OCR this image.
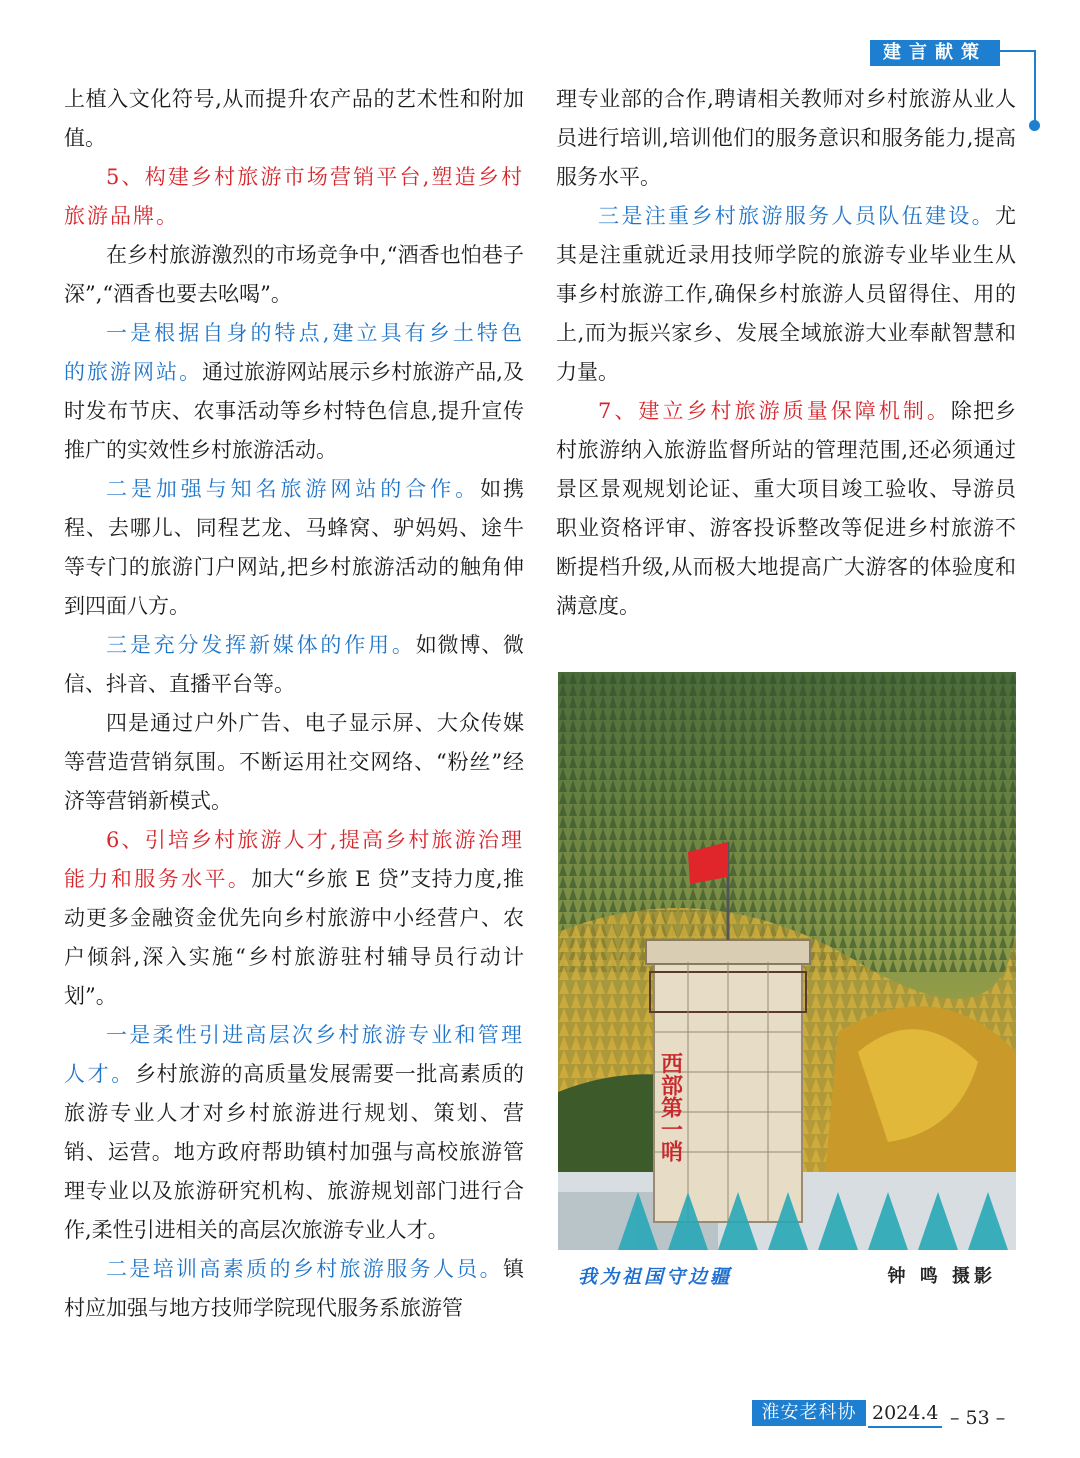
建言献策

上植入文化符号,从而提升农产品的艺术性和附加值。

5、构建乡村旅游市场营销平台,塑造乡村旅游品牌。

在乡村旅游激烈的市场竞争中,“酒香也怕巷子深”,“酒香也要去吆喝”。

一是根据自身的特点,建立具有乡土特色的旅游网站。通过旅游网站展示乡村旅游产品,及时发布节庆、农事活动等乡村特色信息,提升宣传推广的实效性乡村旅游活动。

二是加强与知名旅游网站的合作。如携程、去哪儿、同程艺龙、马蜂窝、驴妈妈、途牛等专门的旅游门户网站,把乡村旅游活动的触角伸到四面八方。

三是充分发挥新媒体的作用。如微博、微信、抖音、直播平台等。

四是通过户外广告、电子显示屏、大众传媒等营造营销氛围。不断运用社交网络、“粉丝”经济等营销新模式。

6、引培乡村旅游人才,提高乡村旅游治理能力和服务水平。加大“乡旅 E 贷”支持力度,推动更多金融资金优先向乡村旅游中小经营户、农户倾斜,深入实施“乡村旅游驻村辅导员行动计划”。

一是柔性引进高层次乡村旅游专业和管理人才。乡村旅游的高质量发展需要一批高素质的旅游专业人才对乡村旅游进行规划、策划、营销、运营。地方政府帮助镇村加强与高校旅游管理专业以及旅游研究机构、旅游规划部门进行合作,柔性引进相关的高层次旅游专业人才。

二是培训高素质的乡村旅游服务人员。镇村应加强与地方技师学院现代服务系旅游管

理专业部的合作,聘请相关教师对乡村旅游从业人员进行培训,培训他们的服务意识和服务能力,提高服务水平。

三是注重乡村旅游服务人员队伍建设。尤其是注重就近录用技师学院的旅游专业毕业生从事乡村旅游工作,确保乡村旅游人员留得住、用的上,而为振兴家乡、发展全域旅游大业奉献智慧和力量。

7、建立乡村旅游质量保障机制。除把乡村旅游纳入旅游监督所站的管理范围,还必须通过景区景观规划论证、重大项目竣工验收、导游员职业资格评审、游客投诉整改等促进乡村旅游不断提档升级,从而极大地提高广大游客的体验度和满意度。

西部第一哨
我为祖国守边疆	钟 鸣 摄影
淮安老科协 2024.4 – 53 –
